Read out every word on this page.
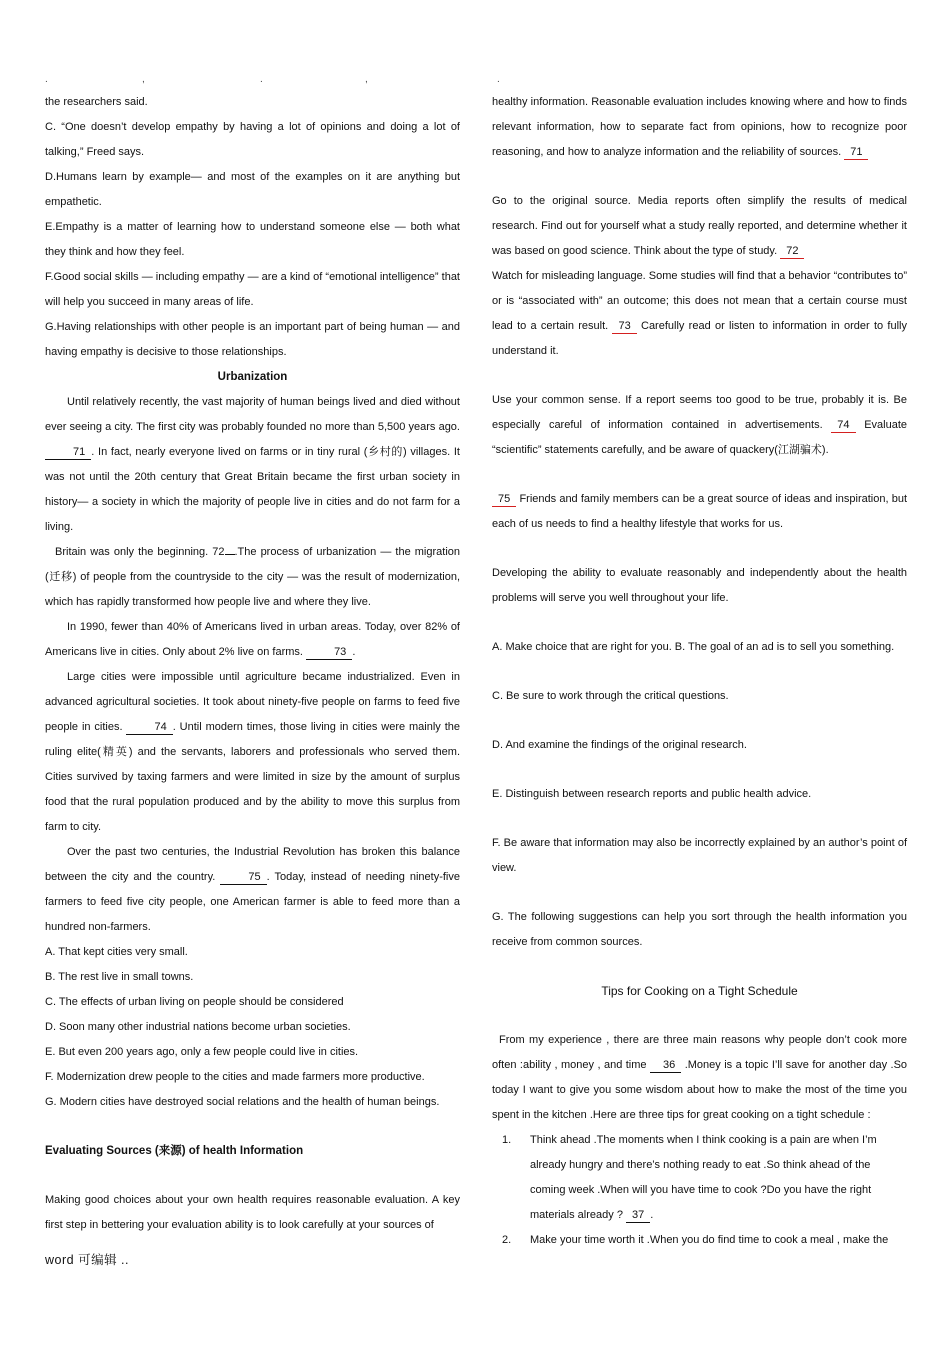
.	,	.	,

the researchers said.

C. “One doesn’t develop empathy by having a lot of opinions and doing a lot of talking,” Freed says.

D.Humans learn by example— and most of the examples on it are anything but empathetic.

E.Empathy is a matter of learning how to understand someone else — both what they think and how they feel.

F.Good social skills — including empathy — are a kind of “emotional intelligence” that will help you succeed in many areas of life.

G.Having relationships with other people is an important part of being human — and having empathy is decisive to those relationships.

Urbanization

Until relatively recently, the vast majority of human beings lived and died without ever seeing a city. The first city was probably founded no more than 5,500 years ago. 71 . In fact, nearly everyone lived on farms or in tiny rural (乡村的) villages. It was not until the 20th century that Great Britain became the first urban society in history— a society in which the majority of people live in cities and do not farm for a living.

Britain was only the beginning. 72 .The process of urbanization — the migration (迁移) of people from the countryside to the city — was the result of modernization, which has rapidly transformed how people live and where they live.

In 1990, fewer than 40% of Americans lived in urban areas. Today, over 82% of Americans live in cities. Only about 2% live on farms.	73 .

Large cities were impossible until agriculture became industrialized. Even in advanced agricultural societies. It took about ninety-five people on farms to feed five people in cities.	74 . Until modern times, those living in cities were mainly the ruling elite(精英) and the servants, laborers and professionals who served them. Cities survived by taxing farmers and were limited in size by the amount of surplus food that the rural population produced and by the ability to move this surplus from farm to city.

Over the past two centuries, the Industrial Revolution has broken this balance between the city and the country.	75 . Today, instead of needing ninety-five farmers to feed five city people, one American farmer is able to feed more than a hundred non-farmers.

A. That kept cities very small.

B. The rest live in small towns.

C. The effects of urban living on people should be considered

D. Soon many other industrial nations become urban societies.

E. But even 200 years ago, only a few people could live in cities.

F. Modernization drew people to the cities and made farmers more productive.

G. Modern cities have destroyed social relations and the health of human beings.

Evaluating Sources (来源) of health Information

Making good choices about your own health requires reasonable evaluation. A key first step in bettering your evaluation ability is to look carefully at your sources of

.

healthy information. Reasonable evaluation includes knowing where and how to finds relevant information, how to separate fact from opinions, how to recognize poor reasoning, and how to analyze information and the reliability of sources. 71

Go to the original source. Media reports often simplify the results of medical research. Find out for yourself what a study really reported, and determine whether it was based on good science. Think about the type of study. 72

Watch for misleading language. Some studies will find that a behavior “contributes to” or is “associated with” an outcome; this does not mean that a certain course must lead to a certain result. 73 Carefully read or listen to information in order to fully understand it.

Use your common sense. If a report seems too good to be true, probably it is. Be especially careful of information contained in advertisements. 74 Evaluate “scientific” statements carefully, and be aware of quackery(江湖骗术).

75 Friends and family members can be a great source of ideas and inspiration, but each of us needs to find a healthy lifestyle that works for us.

Developing the ability to evaluate reasonably and independently about the health problems will serve you well throughout your life.

A. Make choice that are right for you. B. The goal of an ad is to sell you something.

C. Be sure to work through the critical questions.

D. And examine the findings of the original research.

E. Distinguish between research reports and public health advice.

F. Be aware that information may also be incorrectly explained by an author’s point of view.

G. The following suggestions can help you sort through the health information you receive from common sources.

Tips for Cooking on a Tight Schedule

From my experience , there are three main reasons why people don’t cook more often :ability , money , and time 36 .Money is a topic I’ll save for another day .So today I want to give you some wisdom about how to make the most of the time you spent in the kitchen .Here are three tips for great cooking on a tight schedule :

1. Think ahead .The moments when I think cooking is a pain are when I’m already hungry and there’s nothing ready to eat .So think ahead of the coming week .When will you have time to cook ?Do you have the right materials already ? 37 .
2. Make your time worth it .When you do find time to cook a meal , make the
word 可编辑 ..
